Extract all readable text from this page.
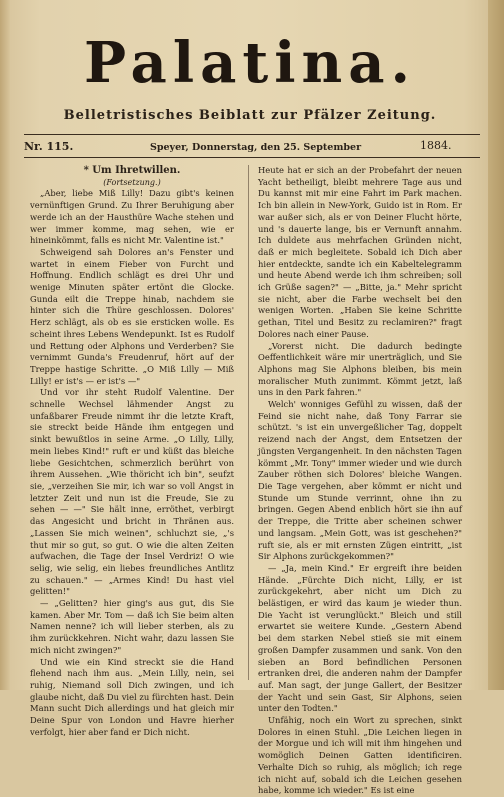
Palatina.
Belletristisches Beiblatt zur Pfälzer Zeitung.
Nr. 115.	Speyer, Donnerstag, den 25. September	1884.

* Um Ihretwillen.

(Fortsetzung.)

„Aber, liebe Miß Lilly! Dazu gibt's keinen vernünftigen Grund. Zu Ihrer Beruhigung aber werde ich an der Hausthüre Wache stehen und wer immer komme, mag sehen, wie er hineinkömmt, falls es nicht Mr. Valentine ist."

Schweigend sah Dolores an's Fenster und wartet in einem Fieber von Furcht und Hoffnung. Endlich schlägt es drei Uhr und wenige Minuten später ertönt die Glocke. Gunda eilt die Treppe hinab, nachdem sie hinter sich die Thüre geschlossen. Dolores' Herz schlägt, als ob es sie ersticken wolle. Es scheint ihres Lebens Wendepunkt. Ist es Rudolf und Rettung oder Alphons und Verderben? Sie vernimmt Gunda's Freudenruf, hört auf der Treppe hastige Schritte. „O Miß Lilly — Miß Lilly! er ist's — er ist's —"

Und vor ihr steht Rudolf Valentine. Der schnelle Wechsel lähmender Angst zu unfaßbarer Freude nimmt ihr die letzte Kraft, sie streckt beide Hände ihm entgegen und sinkt bewußtlos in seine Arme. „O Lilly, Lilly, mein liebes Kind!" ruft er und küßt das bleiche liebe Gesichtchen, schmerzlich berührt von ihrem Aussehen. „Wie thöricht ich bin", seufzt sie, „verzeihen Sie mir, ich war so voll Angst in letzter Zeit und nun ist die Freude, Sie zu sehen — —" Sie hält inne, erröthet, verbirgt das Angesicht und bricht in Thränen aus. „Lassen Sie mich weinen", schluchzt sie, „'s thut mir so gut, so gut. O wie die alten Zeiten aufwachen, die Tage der Insel Verdriz! O wie selig, wie selig, ein liebes freundliches Antlitz zu schauen." — „Armes Kind! Du hast viel gelitten!"

— „Gelitten? hier ging's aus gut, dis Sie kamen. Aber Mr. Tom — daß ich Sie beim alten Namen nenne? ich will lieber sterben, als zu ihm zurückkehren. Nicht wahr, dazu lassen Sie mich nicht zwingen?"

Und wie ein Kind streckt sie die Hand flehend nach ihm aus. „Mein Lilly, nein, sei ruhig, Niemand soll Dich zwingen, und ich glaube nicht, daß Du viel zu fürchten hast. Dein Mann sucht Dich allerdings und hat gleich mir Deine Spur von London und Havre hierher verfolgt, hier aber fand er Dich nicht.

Heute hat er sich an der Probefahrt der neuen Yacht betheiligt, bleibt mehrere Tage aus und Du kannst mit mir eine Fahrt im Park machen. Ich bin allein in New-York, Guido ist in Rom. Er war außer sich, als er von Deiner Flucht hörte, und 's dauerte lange, bis er Vernunft annahm. Ich duldete aus mehrfachen Gründen nicht, daß er mich begleitete. Sobald ich Dich aber hier entdeckte, sandte ich ein Kabeltelegramm und heute Abend werde ich ihm schreiben; soll ich Grüße sagen?" — „Bitte, ja." Mehr spricht sie nicht, aber die Farbe wechselt bei den wenigen Worten. „Haben Sie keine Schritte gethan, Titel und Besitz zu reclamiren?" fragt Dolores nach einer Pause.

„Vorerst nicht. Die dadurch bedingte Oeffentlichkeit wäre mir unerträglich, und Sie Alphons mag Sie Alphons bleiben, bis mein moralischer Muth zunimmt. Kömmt jetzt, laß uns in den Park fahren."

Welch' wonniges Gefühl zu wissen, daß der Feind sie nicht nahe, daß Tony Farrar sie schützt. 's ist ein unvergeßlicher Tag, doppelt reizend nach der Angst, dem Entsetzen der jüngsten Vergangenheit. In den nächsten Tagen kömmt „Mr. Tony" immer wieder und wie durch Zauber röthen sich Dolores' bleiche Wangen. Die Tage vergehen, aber kömmt er nicht und Stunde um Stunde verrinnt, ohne ihn zu bringen. Gegen Abend enblich hört sie ihn auf der Treppe, die Tritte aber scheinen schwer und langsam. „Mein Gott, was ist geschehen?" ruft sie, als er mit ernsten Zügen eintritt, „ist Sir Alphons zurückgekommen?"

— „Ja, mein Kind." Er ergreift ihre beiden Hände. „Fürchte Dich nicht, Lilly, er ist zurückgekehrt, aber nicht um Dich zu belästigen, er wird das kaum je wieder thun. Die Yacht ist verunglückt." Bleich und still erwartet sie weitere Kunde. „Gestern Abend bei dem starken Nebel stieß sie mit einem großen Dampfer zusammen und sank. Von den sieben an Bord befindlichen Personen ertranken drei, die anderen nahm der Dampfer auf. Man sagt, der junge Gallert, der Besitzer der Yacht und sein Gast, Sir Alphons, seien unter den Todten."

Unfähig, noch ein Wort zu sprechen, sinkt Dolores in einen Stuhl. „Die Leichen liegen in der Morgue und ich will mit ihm hingehen und womöglich Deinen Gatten identificiren. Verhalte Dich so ruhig, als möglich; ich rege ich nicht auf, sobald ich die Leichen gesehen habe, komme ich wieder." Es ist eine
